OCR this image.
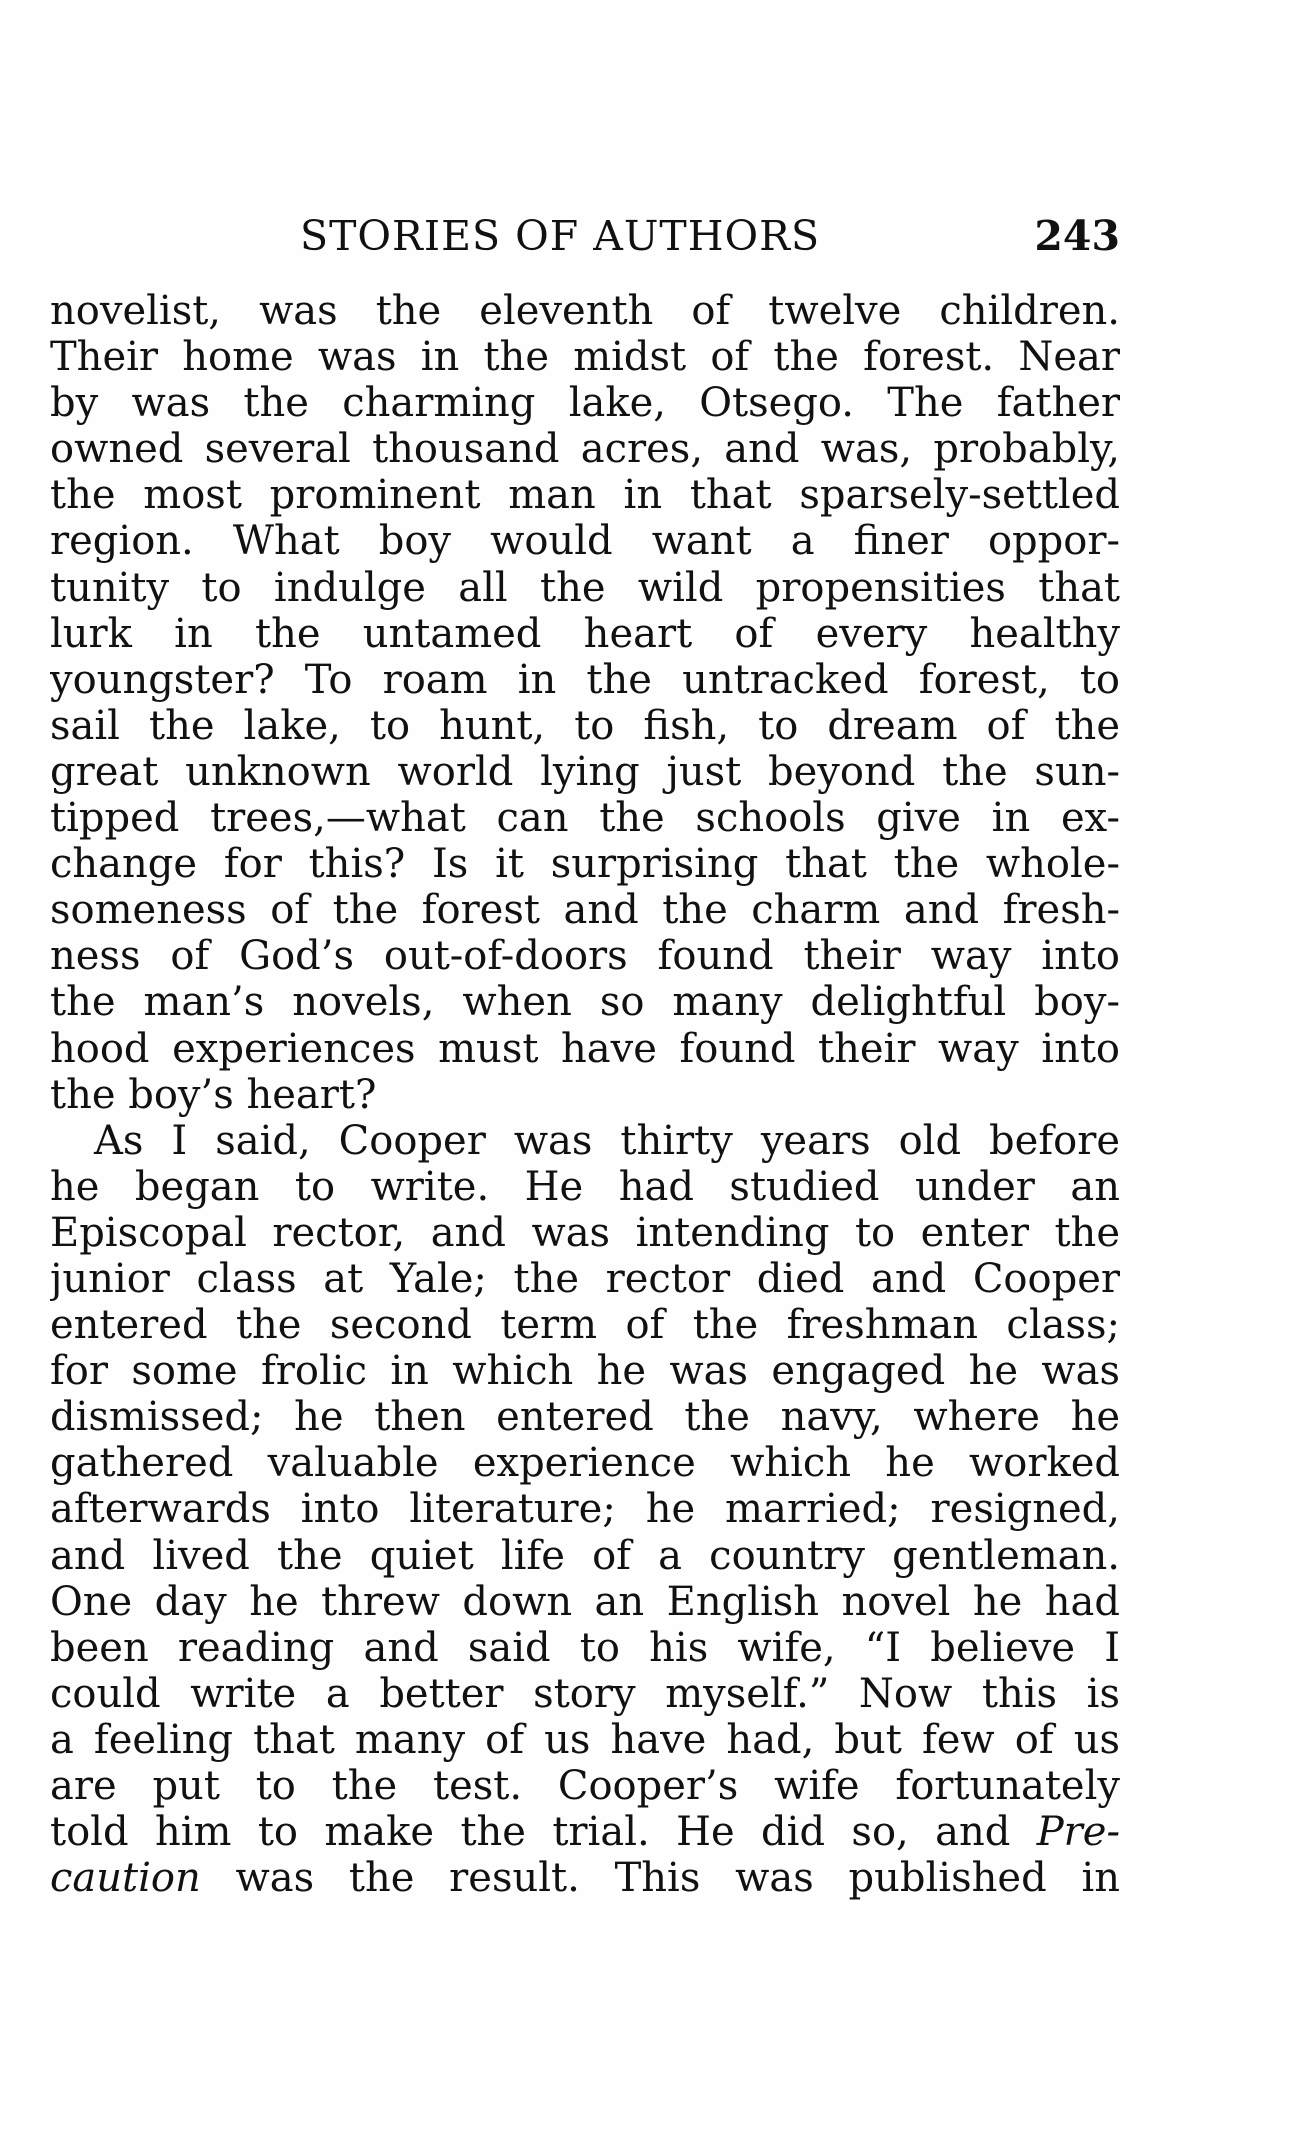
STORIES OF AUTHORS	243
novelist, was the eleventh of twelve children.
Their home was in the midst of the forest. Near
by was the charming lake, Otsego. The father
owned several thousand acres, and was, probably,
the most prominent man in that sparsely-settled
region. What boy would want a finer oppor-
tunity to indulge all the wild propensities that
lurk in the untamed heart of every healthy
youngster? To roam in the untracked forest, to
sail the lake, to hunt, to fish, to dream of the
great unknown world lying just beyond the sun-
tipped trees,—what can the schools give in ex-
change for this? Is it surprising that the whole-
someness of the forest and the charm and fresh-
ness of God’s out-of-doors found their way into
the man’s novels, when so many delightful boy-
hood experiences must have found their way into
the boy’s heart?
As I said, Cooper was thirty years old before
he began to write. He had studied under an
Episcopal rector, and was intending to enter the
junior class at Yale; the rector died and Cooper
entered the second term of the freshman class;
for some frolic in which he was engaged he was
dismissed; he then entered the navy, where he
gathered valuable experience which he worked
afterwards into literature; he married; resigned,
and lived the quiet life of a country gentleman.
One day he threw down an English novel he had
been reading and said to his wife, “I believe I
could write a better story myself.” Now this is
a feeling that many of us have had, but few of us
are put to the test. Cooper’s wife fortunately
told him to make the trial. He did so, and Pre-
caution was the result. This was published in
